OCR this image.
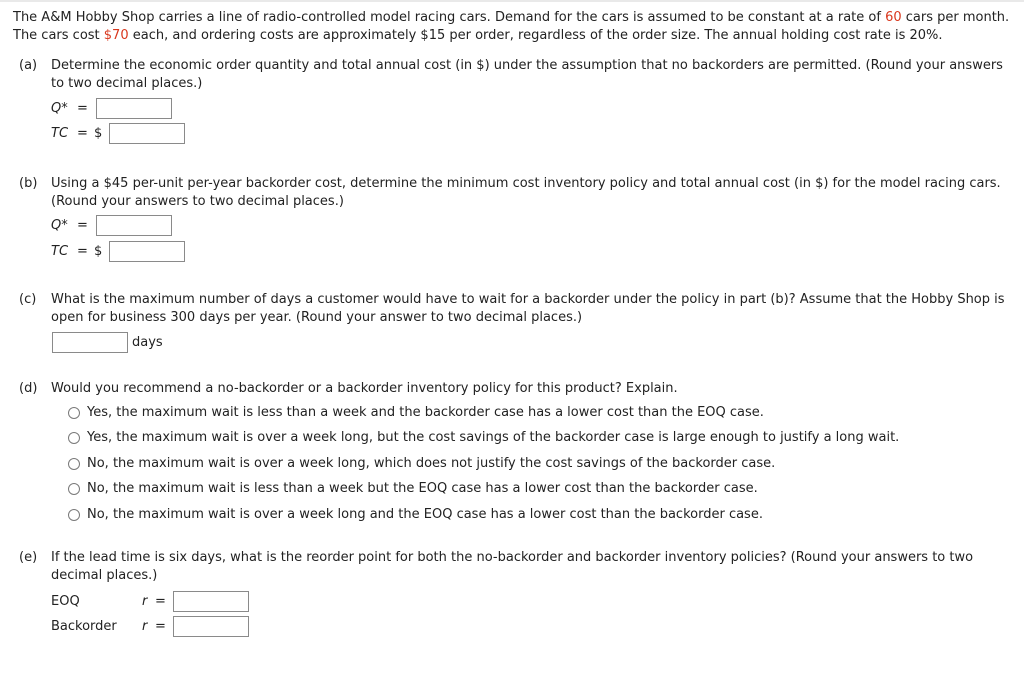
The A&M Hobby Shop carries a line of radio-controlled model racing cars. Demand for the cars is assumed to be constant at a rate of 60 cars per month.
The cars cost $70 each, and ordering costs are approximately $15 per order, regardless of the order size. The annual holding cost rate is 20%.
(a) Determine the economic order quantity and total annual cost (in $) under the assumption that no backorders are permitted. (Round your answers to two decimal places.)
Q* =
TC = $
(b) Using a $45 per-unit per-year backorder cost, determine the minimum cost inventory policy and total annual cost (in $) for the model racing cars. (Round your answers to two decimal places.)
Q* =
TC = $
(c) What is the maximum number of days a customer would have to wait for a backorder under the policy in part (b)? Assume that the Hobby Shop is open for business 300 days per year. (Round your answer to two decimal places.)
days
(d) Would you recommend a no-backorder or a backorder inventory policy for this product? Explain.
Yes, the maximum wait is less than a week and the backorder case has a lower cost than the EOQ case.
Yes, the maximum wait is over a week long, but the cost savings of the backorder case is large enough to justify a long wait.
No, the maximum wait is over a week long, which does not justify the cost savings of the backorder case.
No, the maximum wait is less than a week but the EOQ case has a lower cost than the backorder case.
No, the maximum wait is over a week long and the EOQ case has a lower cost than the backorder case.
(e) If the lead time is six days, what is the reorder point for both the no-backorder and backorder inventory policies? (Round your answers to two decimal places.)
EOQ	r =
Backorder r =
